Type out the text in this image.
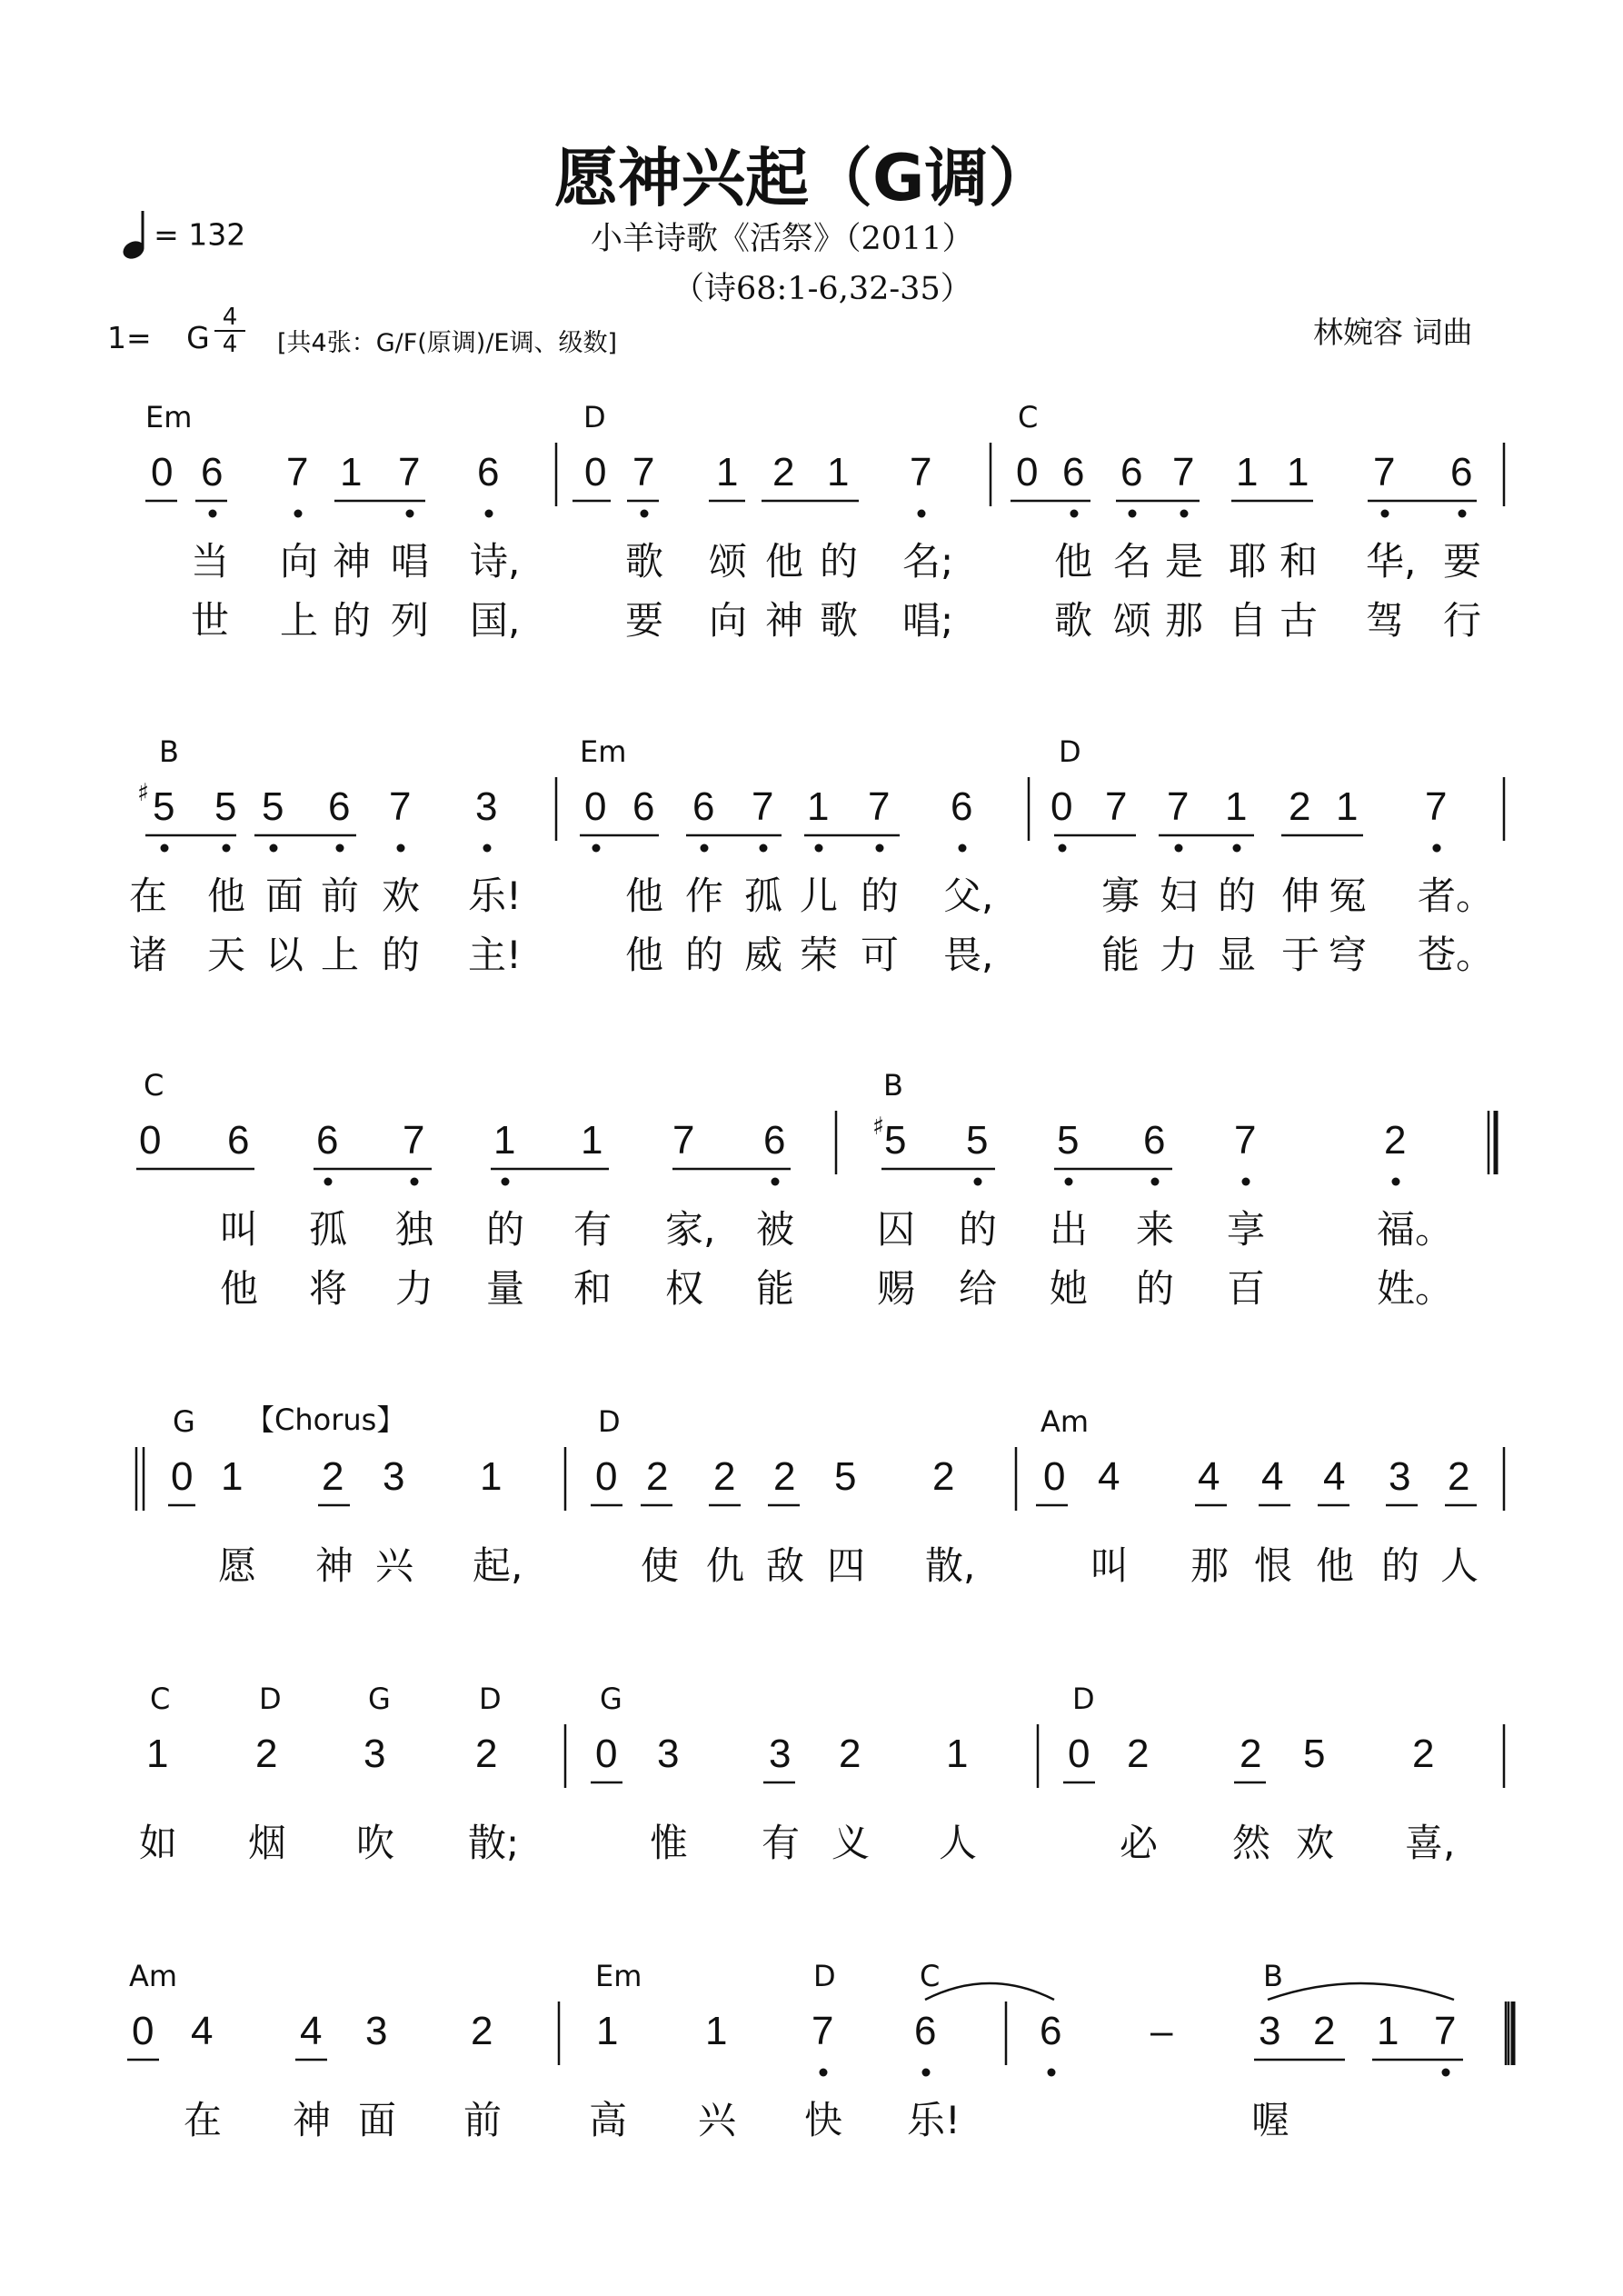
愿神兴起（G调）
小羊诗歌《活祭》（2011）
（诗68:1-6,32-35）
= 132
1= G
4
4	[共4张：G/F(原调)/E调、级数]	林婉容 词曲
Em	D	C
0 6 7 1 7 6 0 7 1 2 1 7 0 6 6 7 1 1 7 6
当 向 神 唱 诗,	歌 颂 他 的 名;	他 名 是 耶 和 华, 要
世 上 的 列 国,	要 向 神 歌 唱;	歌 颂 那 自 古 驾 行
B	Em	D
♯ 5 5 5 6 7 3 0 6 6 7 1 7 6 0 7 7 1 2 1 7
在 他 面 前 欢 乐!	他 作 孤 儿 的 父,	寡 妇 的 伸 冤 者。
诸 天 以 上 的 主!	他 的 威 荣 可 畏,	能 力 显 于 穹 苍。
C	B
0 6 6 7 1 1 7 6	♯ 5 5 5 6 7	2
叫 孤 独 的 有 家, 被 囚 的 出 来 享	福。
他 将 力 量 和 权 能 赐 给 她 的 百	姓。
G	D	Am
【Chorus】
0 1 2 3 1 0 2 2 2 5 2 0 4 4 4 4 3 2
愿 神 兴 起,	使 仇 敌 四 散,	叫 那 恨 他 的 人
C	D	G	D	G	D
1 2 3 2 0 3 3 2 1 0 2 2 5 2
如 烟 吹 散;	惟 有 义 人	必 然 欢 喜,
Am	Em	D	C	B
0 4 4 3 2	1 1 7 6	6 – 3 2 1 7
在 神 面 前 高 兴 快 乐!	喔
